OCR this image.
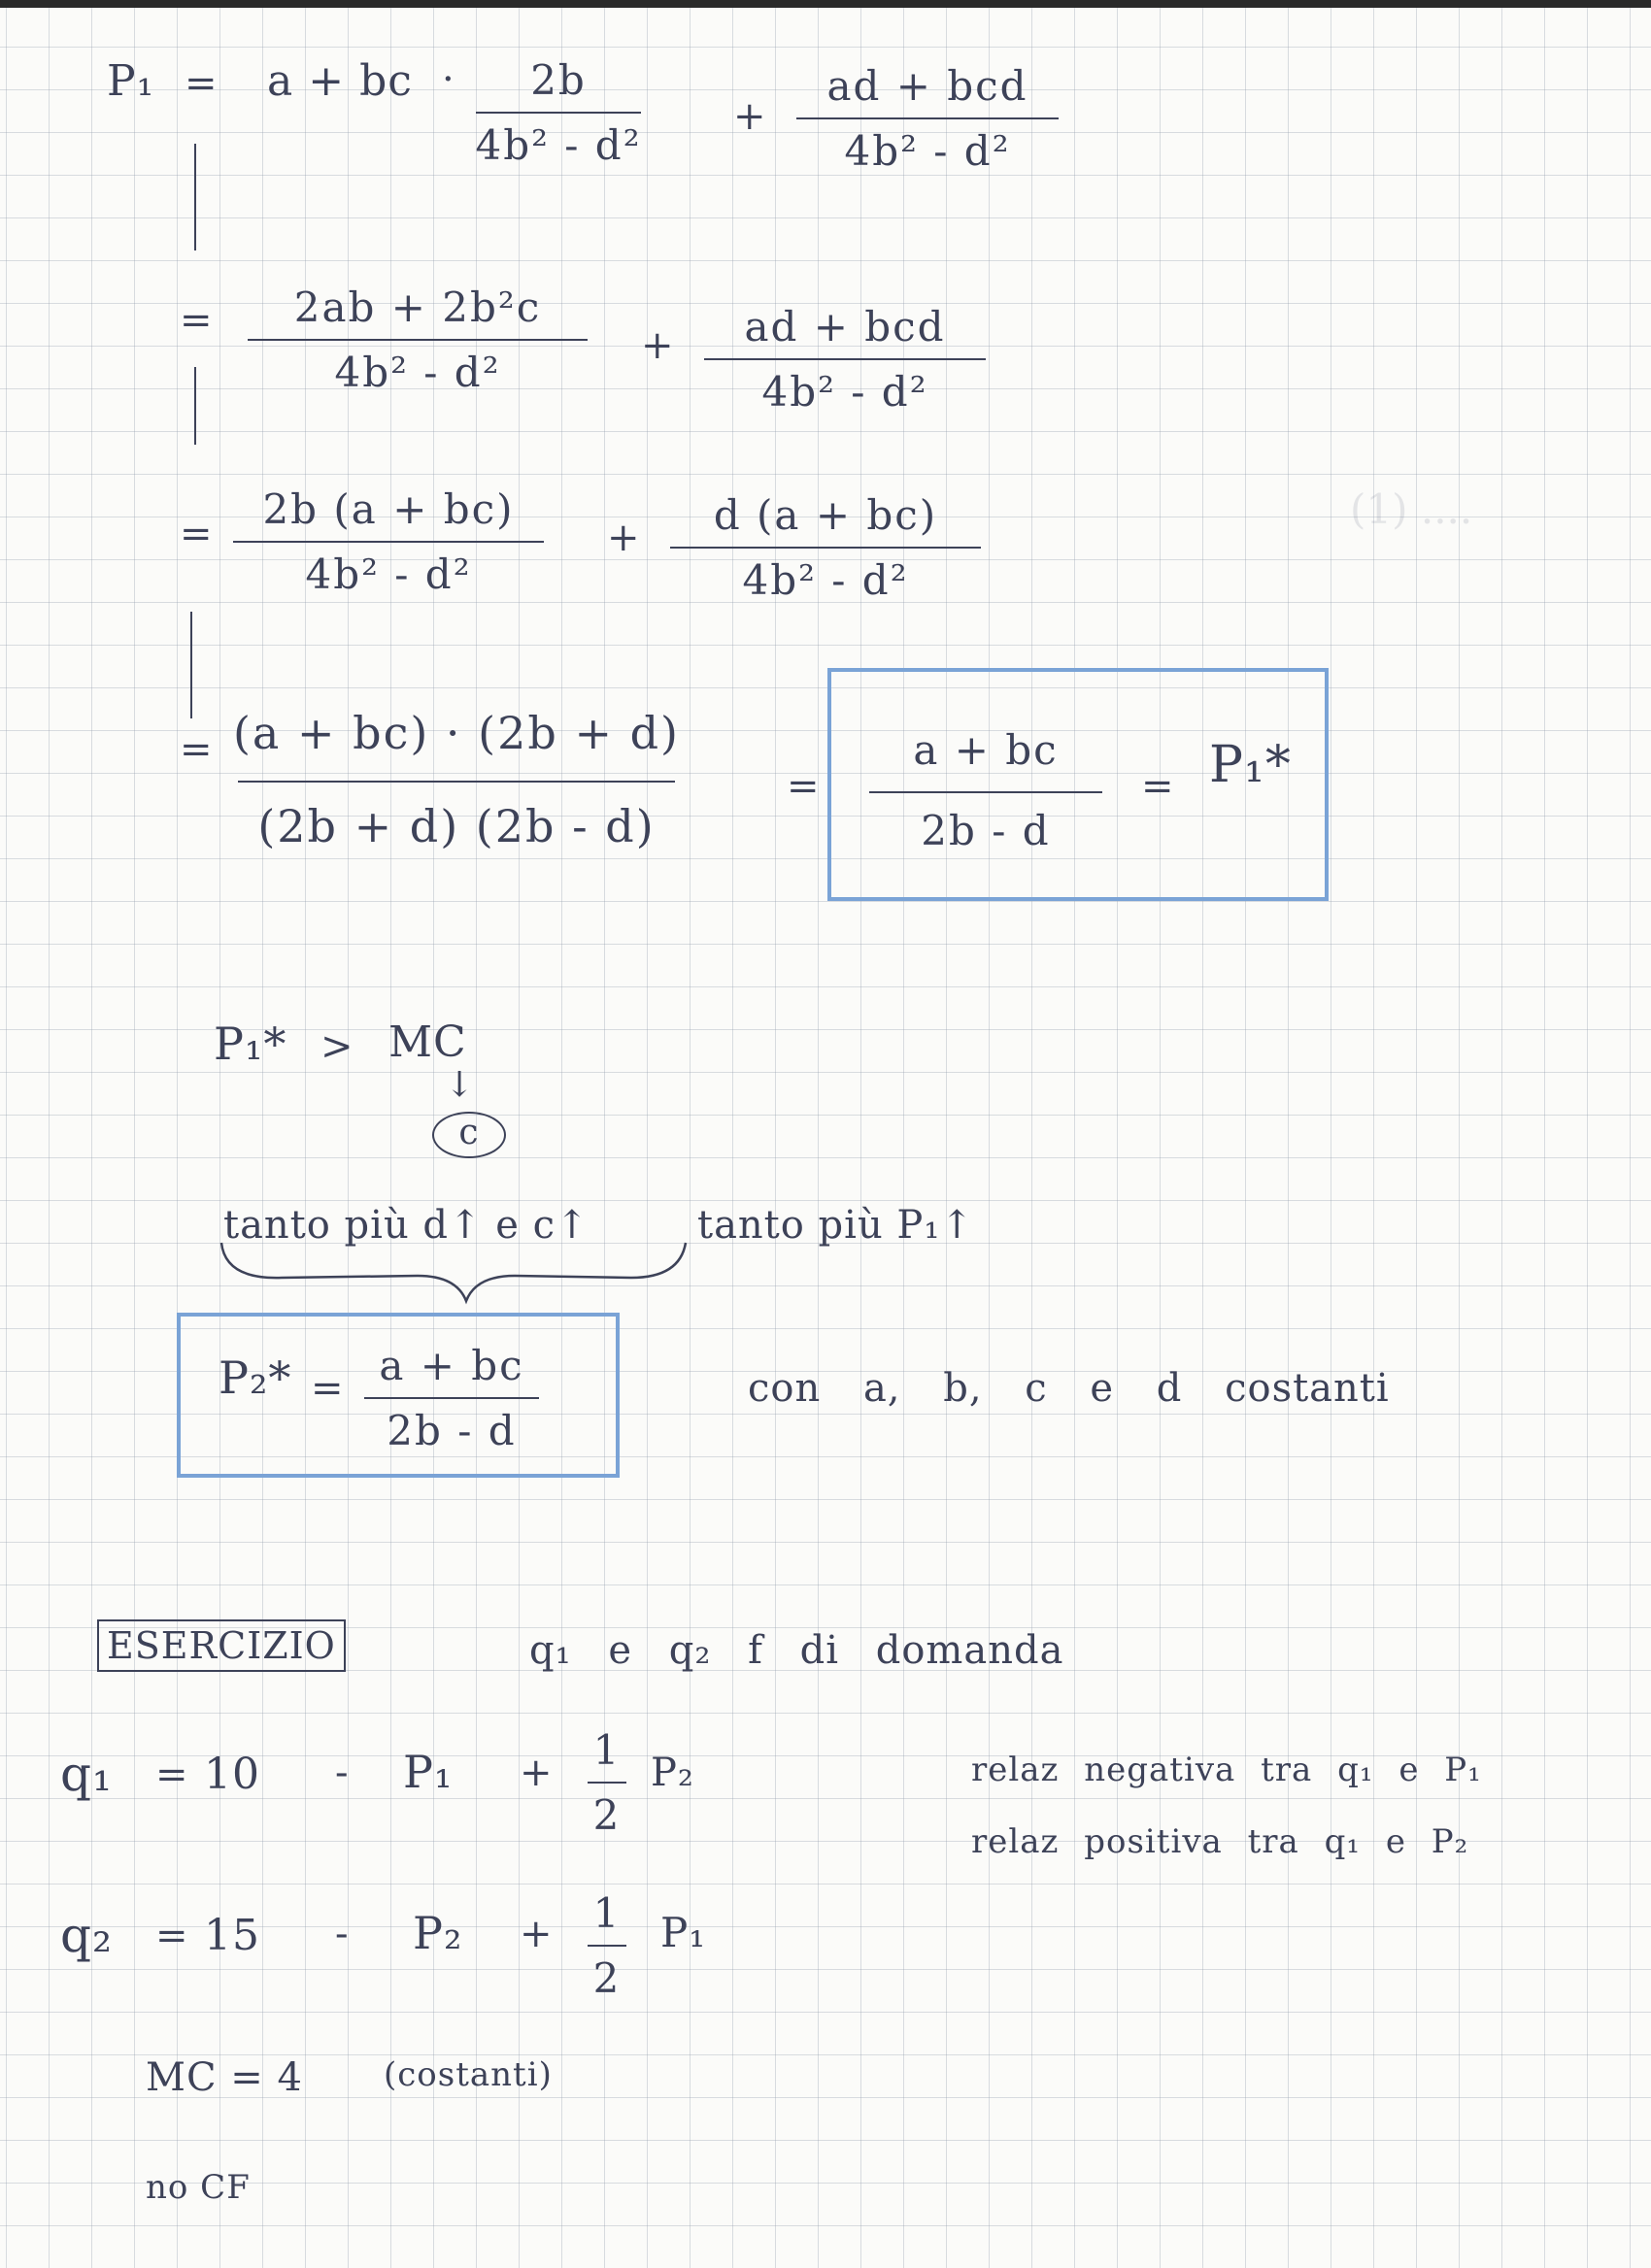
(1) ....
P₁ = a + bc · 2b
4b² - d²
+
ad + bcd
4b² - d²
= 2ab + 2b²c
4b² - d²
+ ad + bcd
4b² - d²
=
2b (a + bc)
4b² - d²
+ d (a + bc)
4b² - d²
= (a + bc) · (2b + d)
(2b + d) (2b - d)
=
a + bc
2b - d
= P₁*
P₁* > MC
↓
c
tanto più d↑ e c↑	tanto più P₁↑
P₂* = a + bc
2b - d
con a, b, c e d costanti
ESERCIZIO	q₁ e q₂ f di domanda
q₁ = 10 - P₁ + 1
2
P₂	relaz negativa tra q₁ e P₁
relaz positiva tra q₁ e P₂
q₂ = 15 - P₂ + 1
2
P₁
MC = 4 (costanti)
no CF
